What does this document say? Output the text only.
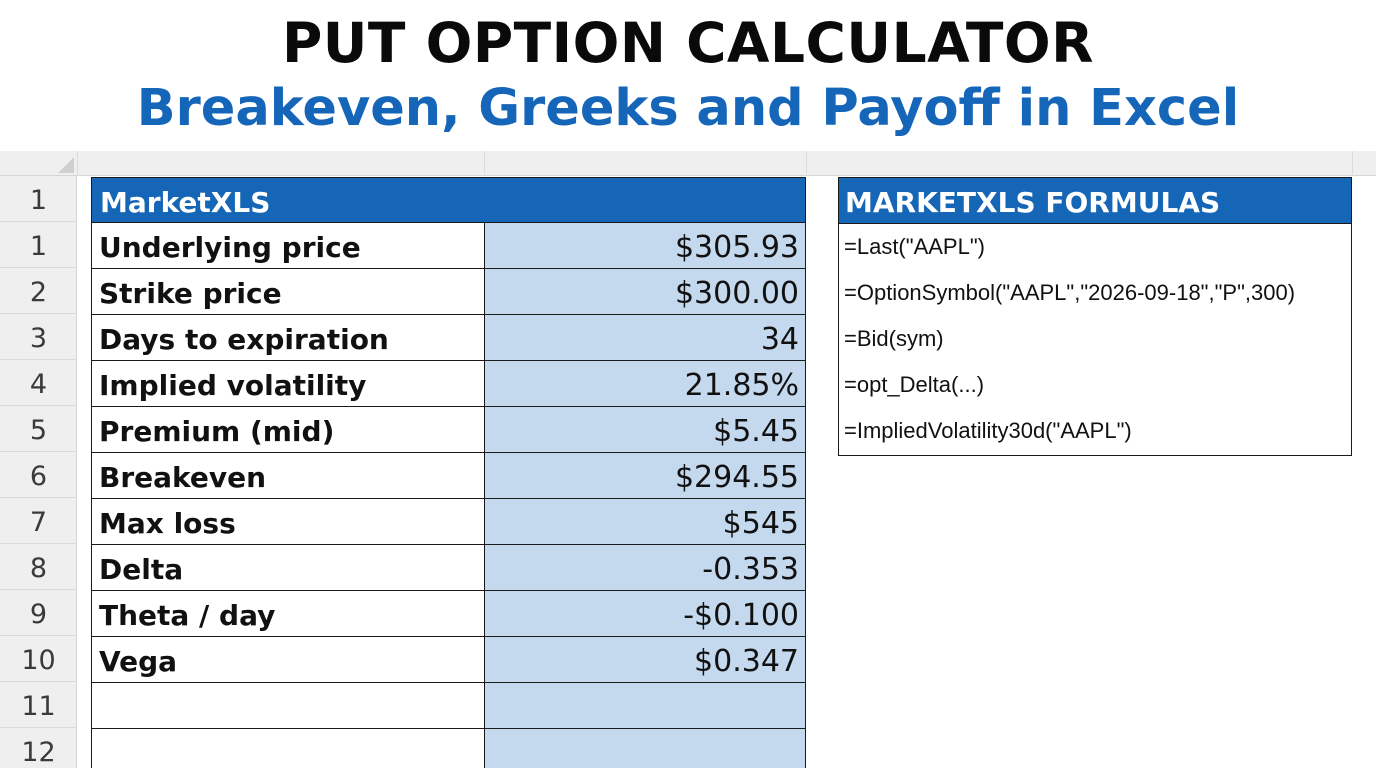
PUT OPTION CALCULATOR
Breakeven, Greeks and Payoff in Excel
1
1
2
3
4
5
6
7
8
9
10
11
12
MarketXLS
Underlying price	$305.93
Strike price	$300.00
Days to expiration	34
Implied volatility	21.85%
Premium (mid)	$5.45
Breakeven	$294.55
Max loss	$545
Delta	-0.353
Theta / day	-$0.100
Vega	$0.347
MARKETXLS FORMULAS
=Last("AAPL")
=OptionSymbol("AAPL","2026-09-18","P",300)
=Bid(sym)
=opt_Delta(...)
=ImpliedVolatility30d("AAPL")
